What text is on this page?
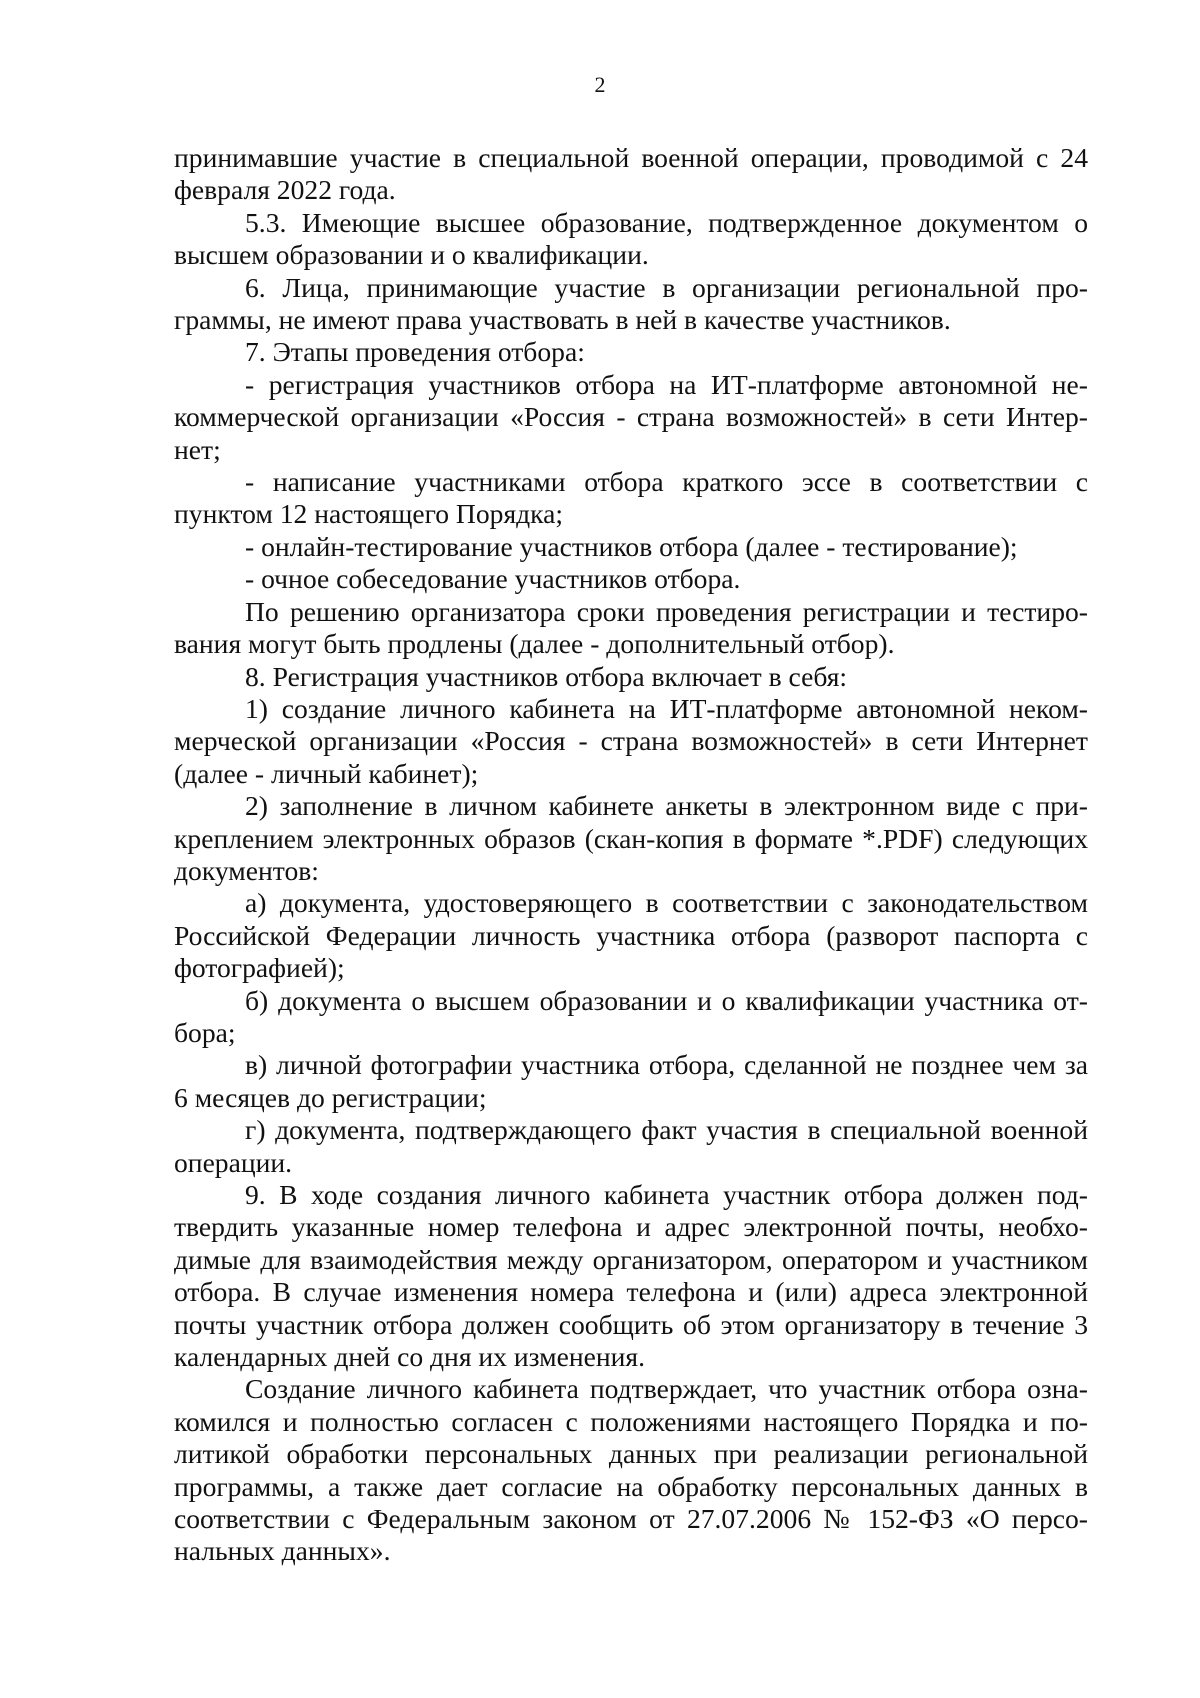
2

принимавшие участие в специальной военной операции, проводимой с 24 февраля 2022 года.

5.3. Имеющие высшее образование, подтвержденное документом о высшем образовании и о квалификации.

6. Лица, принимающие участие в организации региональной программы, не имеют права участвовать в ней в качестве участников.

7. Этапы проведения отбора:

- регистрация участников отбора на ИТ-платформе автономной некоммерческой организации «Россия - страна возможностей» в сети Интернет;

- написание участниками отбора краткого эссе в соответствии с пунктом 12 настоящего Порядка;

- онлайн-тестирование участников отбора (далее - тестирование);

- очное собеседование участников отбора.

По решению организатора сроки проведения регистрации и тестирования могут быть продлены (далее - дополнительный отбор).

8. Регистрация участников отбора включает в себя:

1) создание личного кабинета на ИТ-платформе автономной некоммерческой организации «Россия - страна возможностей» в сети Интернет (далее - личный кабинет);

2) заполнение в личном кабинете анкеты в электронном виде с прикреплением электронных образов (скан-копия в формате *.PDF) следующих документов:

а) документа, удостоверяющего в соответствии с законодательством Российской Федерации личность участника отбора (разворот паспорта с фотографией);

б) документа о высшем образовании и о квалификации участника отбора;

в) личной фотографии участника отбора, сделанной не позднее чем за 6 месяцев до регистрации;

г) документа, подтверждающего факт участия в специальной военной операции.

9. В ходе создания личного кабинета участник отбора должен подтвердить указанные номер телефона и адрес электронной почты, необходимые для взаимодействия между организатором, оператором и участником отбора. В случае изменения номера телефона и (или) адреса электронной почты участник отбора должен сообщить об этом организатору в течение 3 календарных дней со дня их изменения.

Создание личного кабинета подтверждает, что участник отбора ознакомился и полностью согласен с положениями настоящего Порядка и политикой обработки персональных данных при реализации региональной программы, а также дает согласие на обработку персональных данных в соответствии с Федеральным законом от 27.07.2006 № 152-ФЗ «О персональных данных».
